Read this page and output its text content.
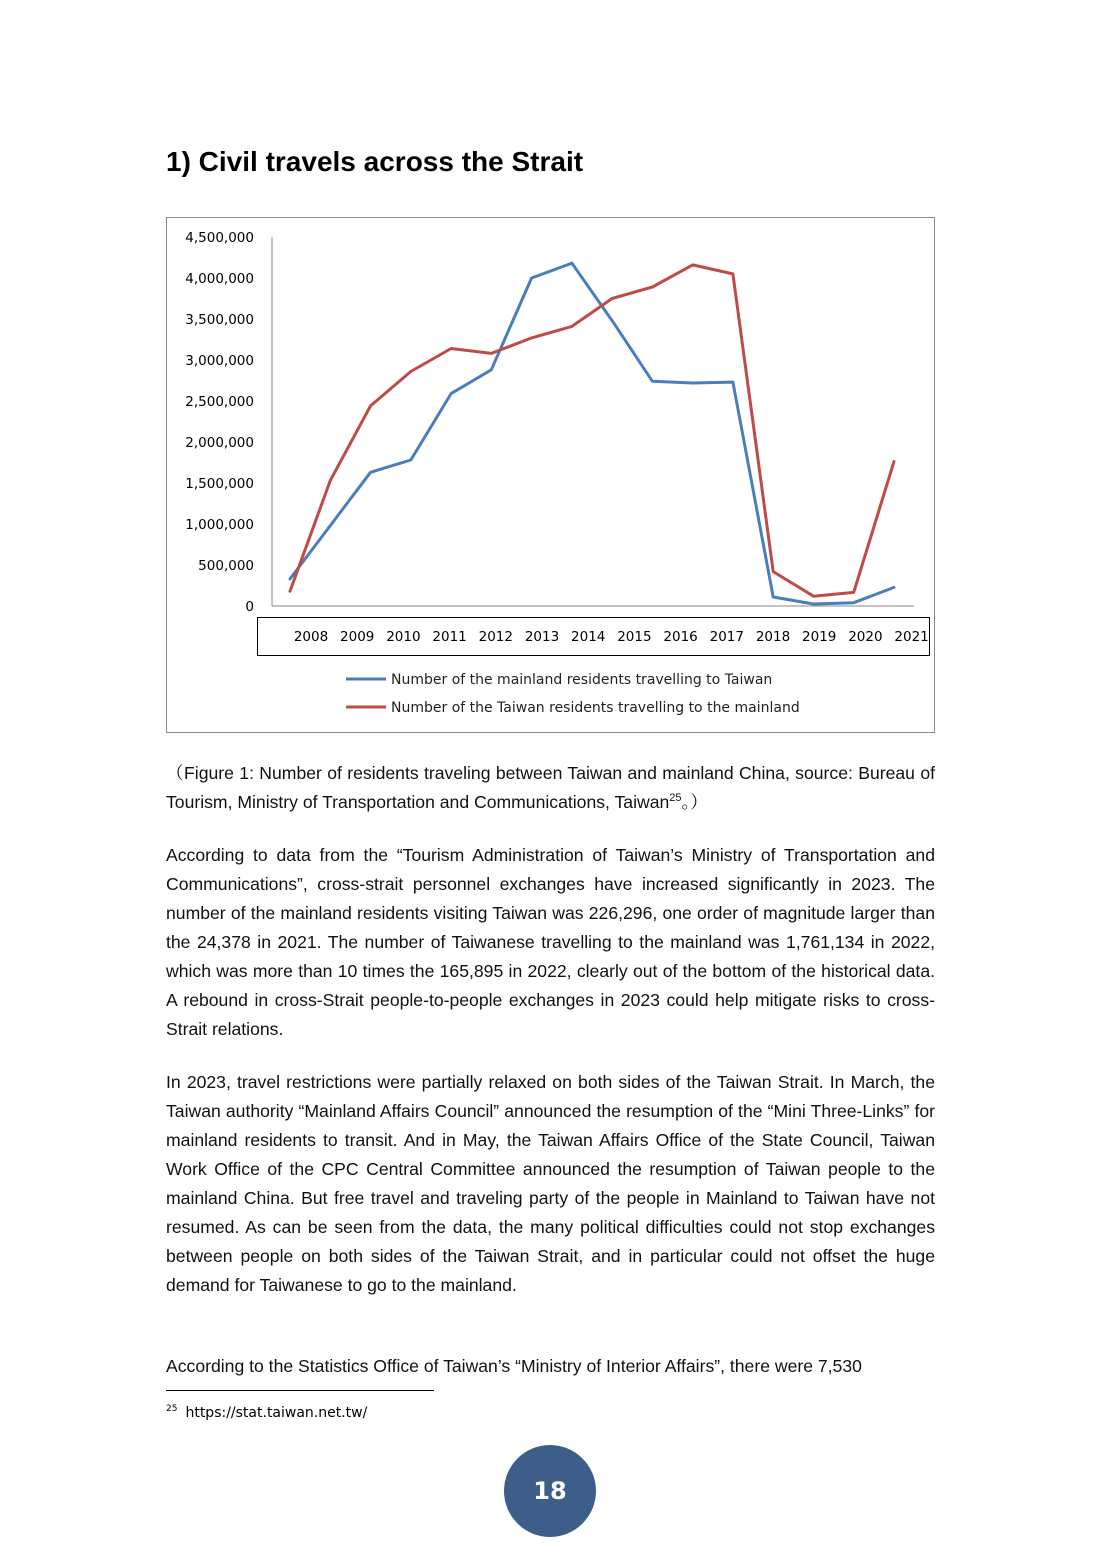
1) Civil travels across the Strait
0
500,000
1,000,000
1,500,000
2,000,000
2,500,000
3,000,000
3,500,000
4,000,000
4,500,000
2008 2009 2010 2011 2012 2013 2014 2015 2016 2017 2018 2019 2020 2021
Number of the mainland residents travelling to Taiwan
Number of the Taiwan residents travelling to the mainland

（Figure 1: Number of residents traveling between Taiwan and mainland China, source: Bureau of Tourism, Ministry of Transportation and Communications, Taiwan$^{25}$。）

According to data from the “Tourism Administration of Taiwan’s Ministry of Transportation and Communications”, cross-strait personnel exchanges have increased significantly in 2023. The number of the mainland residents visiting Taiwan was 226,296, one order of magnitude larger than the 24,378 in 2021. The number of Taiwanese travelling to the mainland was 1,761,134 in 2022, which was more than 10 times the 165,895 in 2022, clearly out of the bottom of the historical data. A rebound in cross-Strait people-to-people exchanges in 2023 could help mitigate risks to cross-Strait relations.

In 2023, travel restrictions were partially relaxed on both sides of the Taiwan Strait. In March, the Taiwan authority “Mainland Affairs Council” announced the resumption of the “Mini Three-Links” for mainland residents to transit. And in May, the Taiwan Affairs Office of the State Council, Taiwan Work Office of the CPC Central Committee announced the resumption of Taiwan people to the mainland China. But free travel and traveling party of the people in Mainland to Taiwan have not resumed. As can be seen from the data, the many political difficulties could not stop exchanges between people on both sides of the Taiwan Strait, and in particular could not offset the huge demand for Taiwanese to go to the mainland.

According to the Statistics Office of Taiwan’s “Ministry of Interior Affairs”, there were 7,530

$^{25}$ https://stat.taiwan.net.tw/
18
